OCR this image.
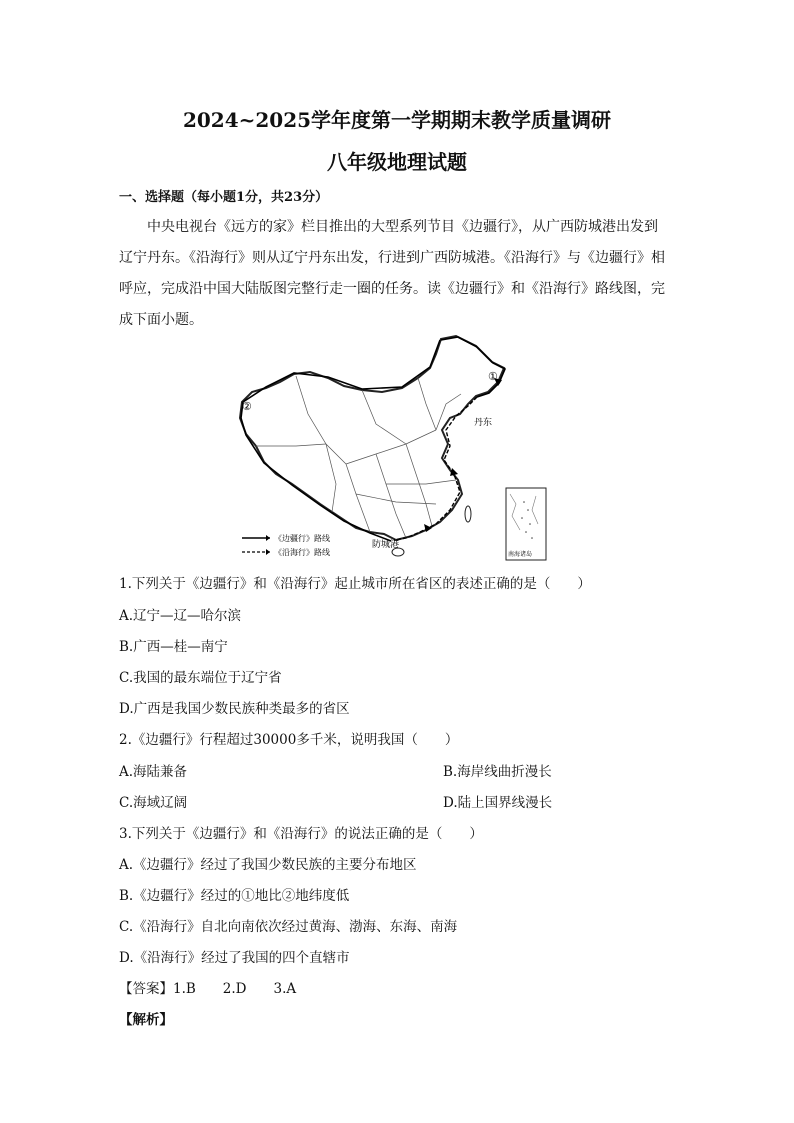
2024~2025学年度第一学期期末教学质量调研
八年级地理试题
一、选择题（每小题1分，共23分）

中央电视台《远方的家》栏目推出的大型系列节目《边疆行》，从广西防城港出发到辽宁丹东。《沿海行》则从辽宁丹东出发，行进到广西防城港。《沿海行》与《边疆行》相呼应，完成沿中国大陆版图完整行走一圈的任务。读《边疆行》和《沿海行》路线图，完成下面小题。

①
②
丹东
防城港
《边疆行》路线
《沿海行》路线	南海诸岛
1.下列关于《边疆行》和《沿海行》起止城市所在省区的表述正确的是（　　）
A.辽宁—辽—哈尔滨
B.广西—桂—南宁
C.我国的最东端位于辽宁省
D.广西是我国少数民族种类最多的省区
2.《边疆行》行程超过30000多千米，说明我国（　　）
A.海陆兼备	B.海岸线曲折漫长
C.海域辽阔	D.陆上国界线漫长
3.下列关于《边疆行》和《沿海行》的说法正确的是（　　）
A.《边疆行》经过了我国少数民族的主要分布地区
B.《边疆行》经过的①地比②地纬度低
C.《沿海行》自北向南依次经过黄海、渤海、东海、南海
D.《沿海行》经过了我国的四个直辖市
【答案】1.B　　2.D　　3.A
【解析】
